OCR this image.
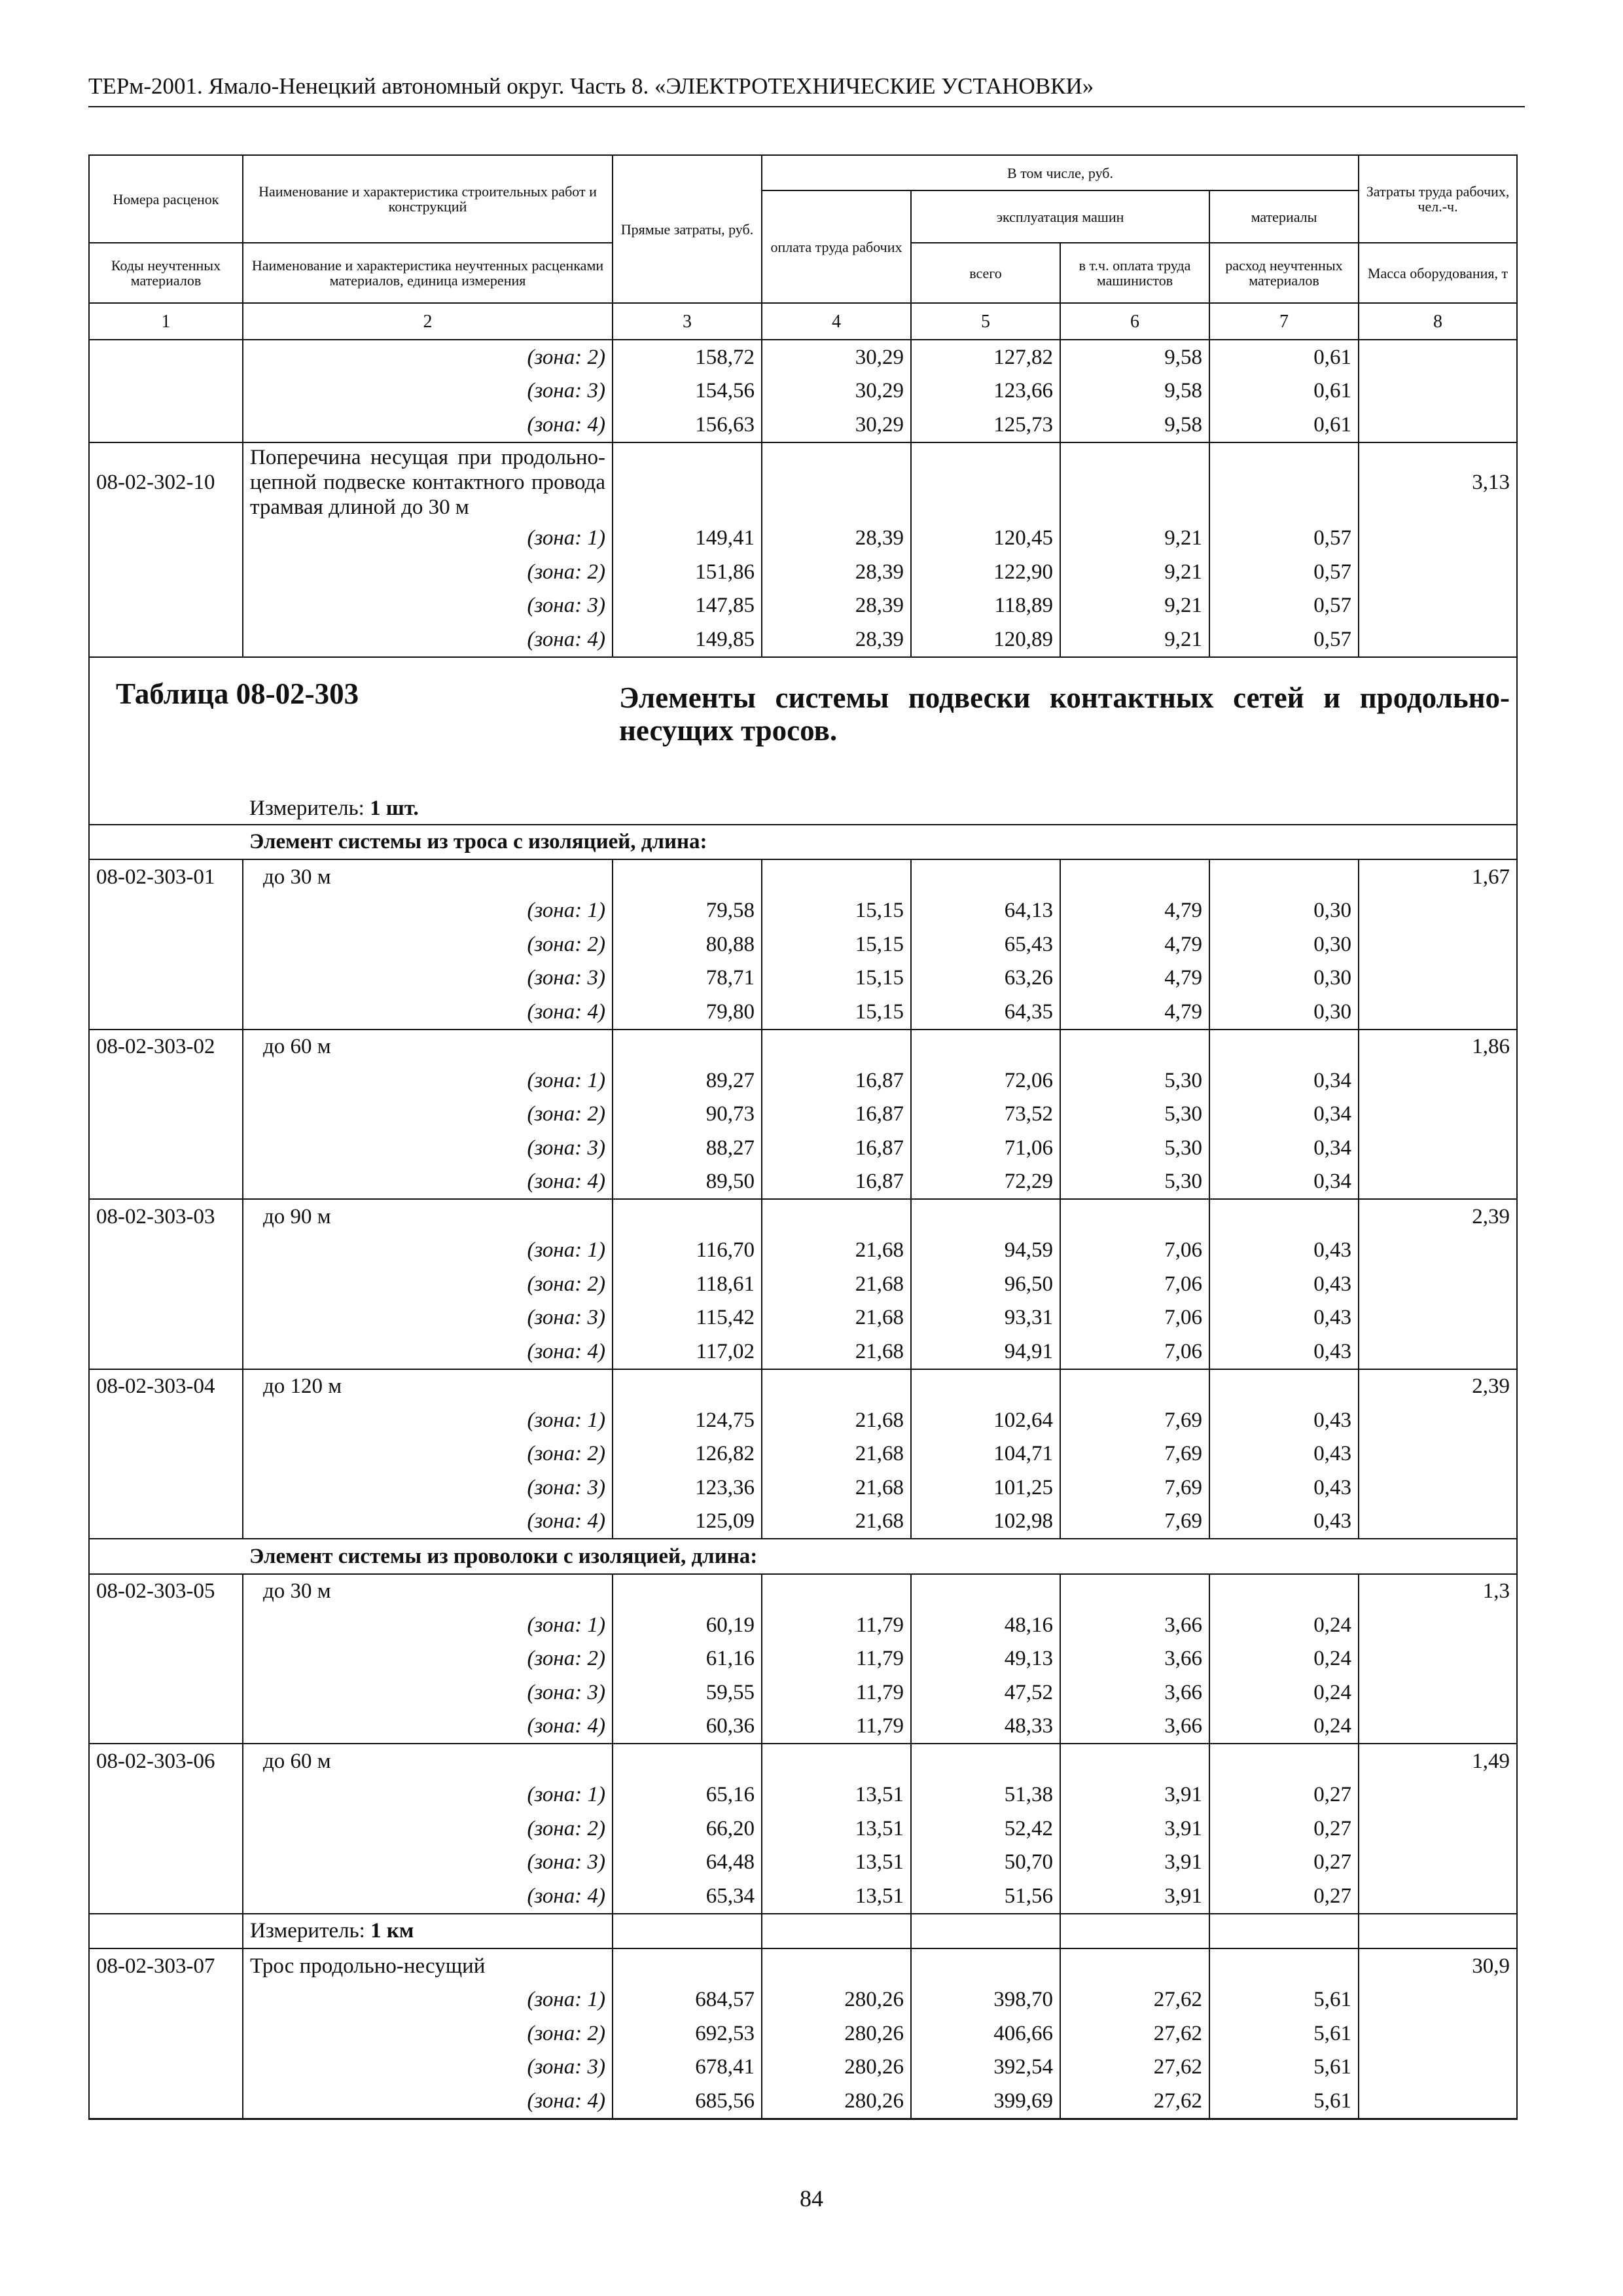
ТЕРм-2001. Ямало-Ненецкий автономный округ. Часть 8. «ЭЛЕКТРОТЕХНИЧЕСКИЕ УСТАНОВКИ»
Номера расценок	Наименование и характеристика строительных работ и конструкций	Прямые затраты, руб.	В том числе, руб.				Затраты труда рабочих, чел.-ч.
			оплата труда рабочих	эксплуатация машин		материалы	
Коды неучтенных материалов	Наименование и характеристика неучтенных расценками материалов, единица измерения			всего	в т.ч. оплата труда машинистов	расход неучтенных материалов	Масса оборудования, т
1	2	3	4	5	6	7	8
	(зона: 2)	158,72	30,29	127,82	9,58	0,61	
	(зона: 3)	154,56	30,29	123,66	9,58	0,61	
	(зона: 4)	156,63	30,29	125,73	9,58	0,61	
08-02-302-10	Поперечина несущая при продольно-цепной подвеске контактного провода трамвая длиной до 30 м						3,13
	(зона: 1)	149,41	28,39	120,45	9,21	0,57	
	(зона: 2)	151,86	28,39	122,90	9,21	0,57	
	(зона: 3)	147,85	28,39	118,89	9,21	0,57	
	(зона: 4)	149,85	28,39	120,89	9,21	0,57	
Таблица 08-02-303		Элементы системы подвески контактных сетей и продольно-несущих тросов.					

	Измеритель: 1 шт.						
	Элемент системы из троса с изоляцией, длина:						
08-02-303-01	до 30 м						1,67
	(зона: 1)	79,58	15,15	64,13	4,79	0,30	
	(зона: 2)	80,88	15,15	65,43	4,79	0,30	
	(зона: 3)	78,71	15,15	63,26	4,79	0,30	
	(зона: 4)	79,80	15,15	64,35	4,79	0,30	
08-02-303-02	до 60 м						1,86
	(зона: 1)	89,27	16,87	72,06	5,30	0,34	
	(зона: 2)	90,73	16,87	73,52	5,30	0,34	
	(зона: 3)	88,27	16,87	71,06	5,30	0,34	
	(зона: 4)	89,50	16,87	72,29	5,30	0,34	
08-02-303-03	до 90 м						2,39
	(зона: 1)	116,70	21,68	94,59	7,06	0,43	
	(зона: 2)	118,61	21,68	96,50	7,06	0,43	
	(зона: 3)	115,42	21,68	93,31	7,06	0,43	
	(зона: 4)	117,02	21,68	94,91	7,06	0,43	
08-02-303-04	до 120 м						2,39
	(зона: 1)	124,75	21,68	102,64	7,69	0,43	
	(зона: 2)	126,82	21,68	104,71	7,69	0,43	
	(зона: 3)	123,36	21,68	101,25	7,69	0,43	
	(зона: 4)	125,09	21,68	102,98	7,69	0,43	
	Элемент системы из проволоки с изоляцией, длина:						
08-02-303-05	до 30 м						1,3
	(зона: 1)	60,19	11,79	48,16	3,66	0,24	
	(зона: 2)	61,16	11,79	49,13	3,66	0,24	
	(зона: 3)	59,55	11,79	47,52	3,66	0,24	
	(зона: 4)	60,36	11,79	48,33	3,66	0,24	
08-02-303-06	до 60 м						1,49
	(зона: 1)	65,16	13,51	51,38	3,91	0,27	
	(зона: 2)	66,20	13,51	52,42	3,91	0,27	
	(зона: 3)	64,48	13,51	50,70	3,91	0,27	
	(зона: 4)	65,34	13,51	51,56	3,91	0,27	
	Измеритель: 1 км						
08-02-303-07	Трос продольно-несущий						30,9
	(зона: 1)	684,57	280,26	398,70	27,62	5,61	
	(зона: 2)	692,53	280,26	406,66	27,62	5,61	
	(зона: 3)	678,41	280,26	392,54	27,62	5,61	
	(зона: 4)	685,56	280,26	399,69	27,62	5,61	
84
